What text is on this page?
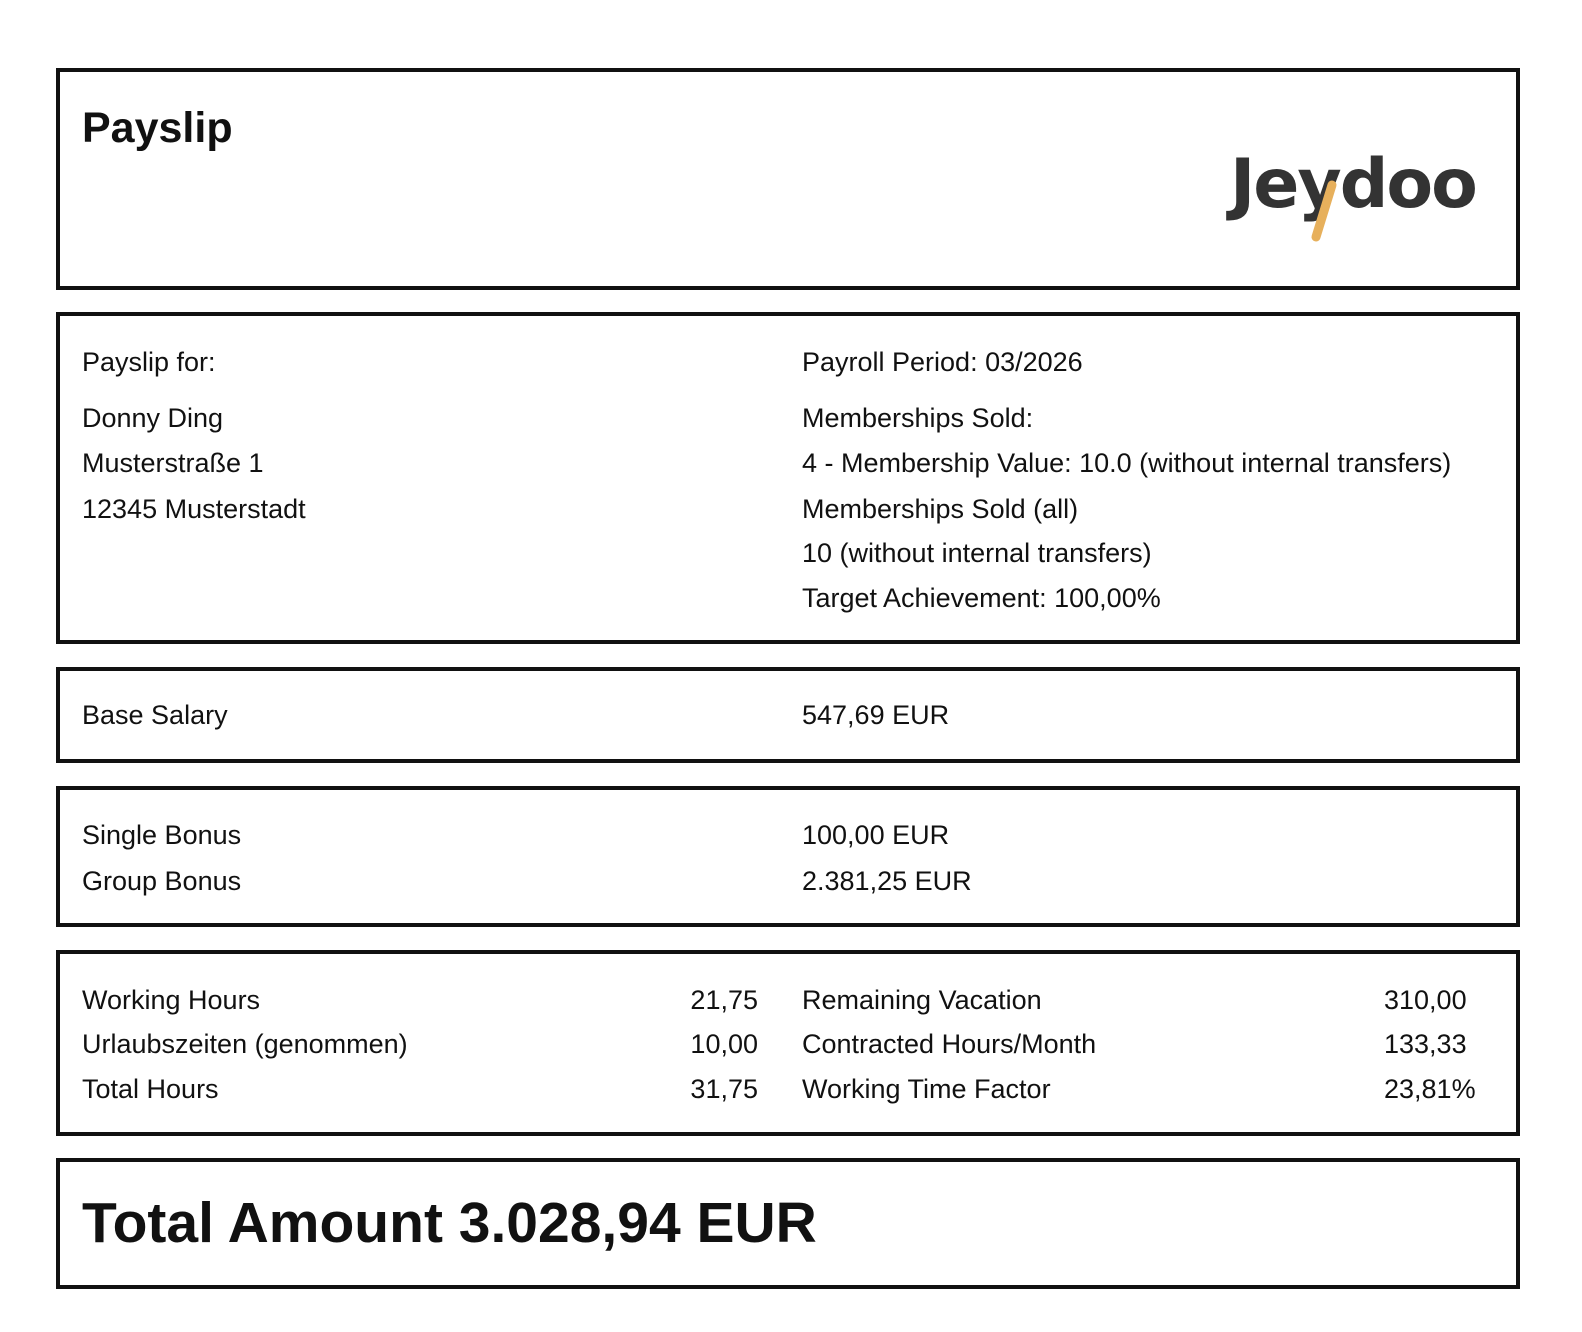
Payslip
Jeydoo
Payslip for:
Donny Ding
Musterstraße 1
12345 Musterstadt
Payroll Period: 03/2026
Memberships Sold:
4 - Membership Value: 10.0 (without internal transfers)
Memberships Sold (all)
10 (without internal transfers)
Target Achievement: 100,00%
Base Salary	547,69 EUR
Single Bonus	100,00 EUR
Group Bonus	2.381,25 EUR
Working Hours	21,75
Urlaubszeiten (genommen)	10,00
Total Hours	31,75
Remaining Vacation	310,00
Contracted Hours/Month	133,33
Working Time Factor	23,81%
Total Amount 3.028,94 EUR
